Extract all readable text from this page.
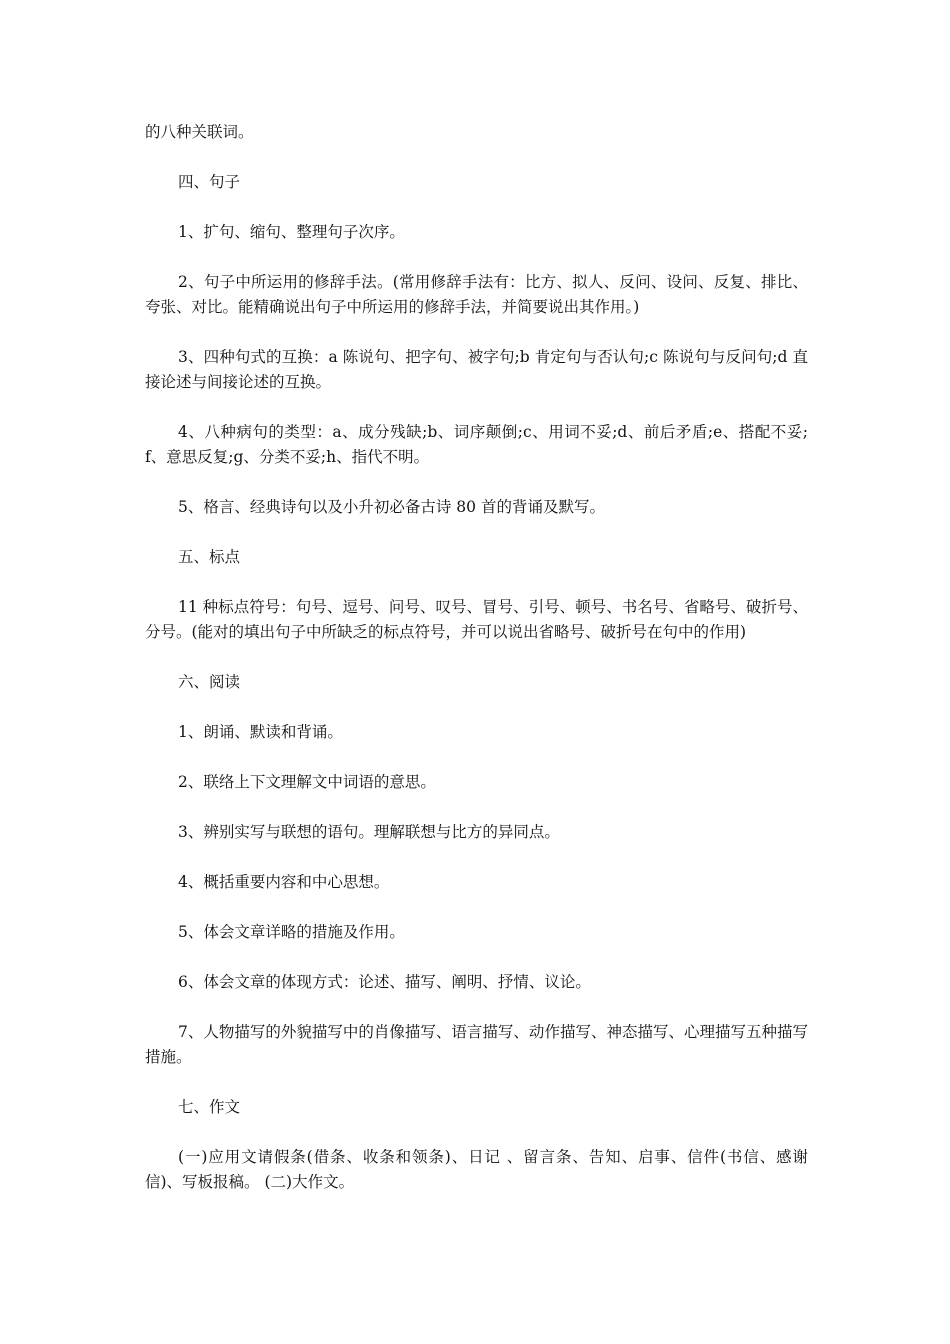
的八种关联词。

四、句子

1、扩句、缩句、整理句子次序。

2、句子中所运用的修辞手法。(常用修辞手法有：比方、拟人、反问、设问、反复、排比、夸张、对比。能精确说出句子中所运用的修辞手法，并简要说出其作用。)

3、四种句式的互换：a 陈说句、把字句、被字句;b 肯定句与否认句;c 陈说句与反问句;d 直接论述与间接论述的互换。

4、八种病句的类型：a、成分残缺;b、词序颠倒;c、用词不妥;d、前后矛盾;e、搭配不妥;f、意思反复;g、分类不妥;h、指代不明。

5、格言、经典诗句以及小升初必备古诗 80 首的背诵及默写。

五、标点

11 种标点符号：句号、逗号、问号、叹号、冒号、引号、顿号、书名号、省略号、破折号、分号。(能对的填出句子中所缺乏的标点符号，并可以说出省略号、破折号在句中的作用)

六、阅读

1、朗诵、默读和背诵。

2、联络上下文理解文中词语的意思。

3、辨别实写与联想的语句。理解联想与比方的异同点。

4、概括重要内容和中心思想。

5、体会文章详略的措施及作用。

6、体会文章的体现方式：论述、描写、阐明、抒情、议论。

7、人物描写的外貌描写中的肖像描写、语言描写、动作描写、神态描写、心理描写五种描写措施。

七、作文

(一)应用文请假条(借条、收条和领条)、日记 、留言条、告知、启事、信件(书信、感谢信)、写板报稿。 (二)大作文。
